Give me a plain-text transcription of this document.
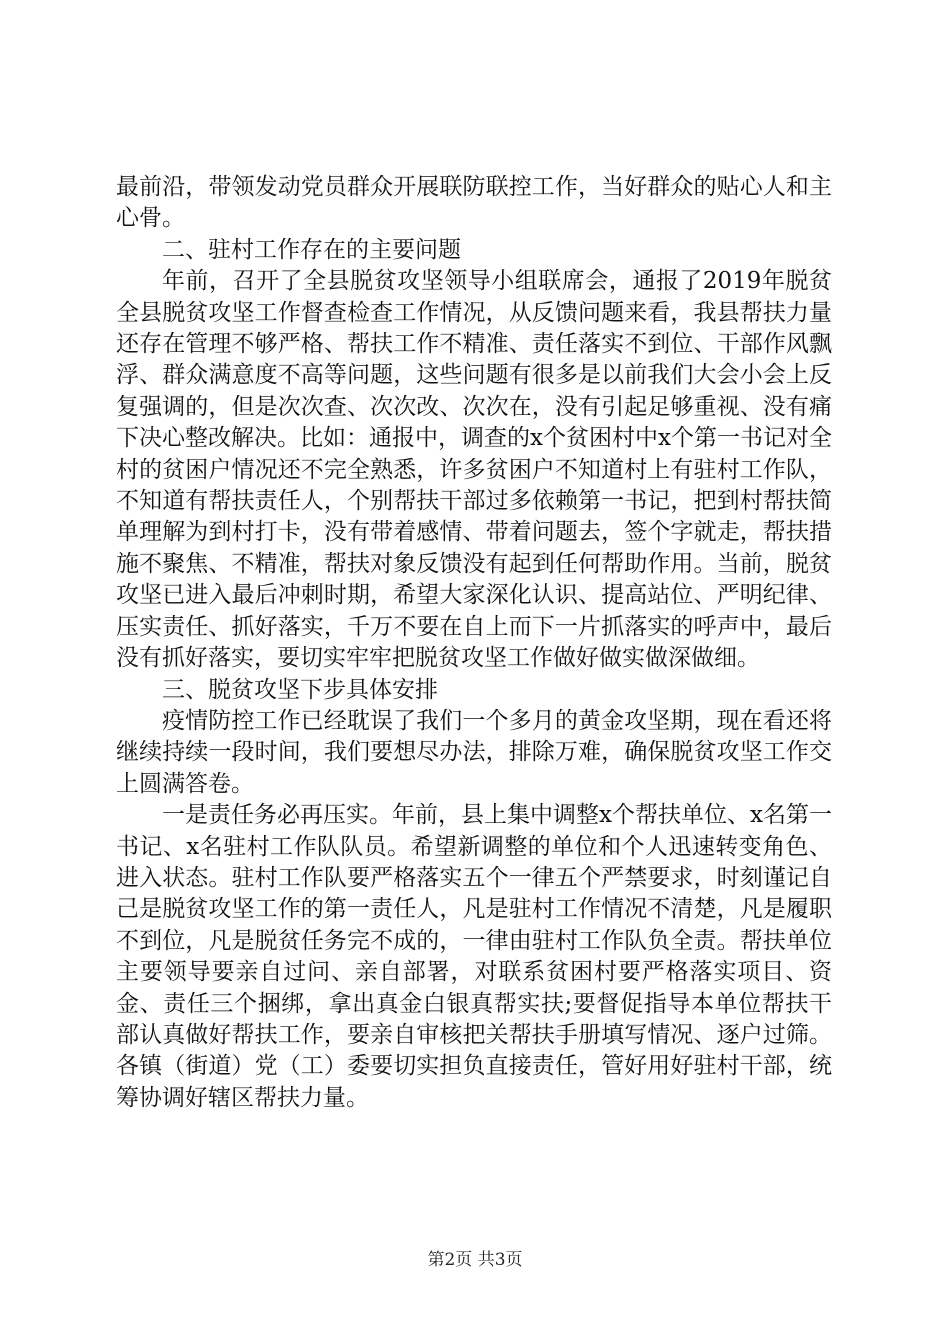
最前沿，带领发动党员群众开展联防联控工作，当好群众的贴心人和主心骨。

二、驻村工作存在的主要问题

年前，召开了全县脱贫攻坚领导小组联席会，通报了2019年脱贫全县脱贫攻坚工作督查检查工作情况，从反馈问题来看，我县帮扶力量还存在管理不够严格、帮扶工作不精准、责任落实不到位、干部作风飘浮、群众满意度不高等问题，这些问题有很多是以前我们大会小会上反复强调的，但是次次查、次次改、次次在，没有引起足够重视、没有痛下决心整改解决。比如：通报中，调查的x个贫困村中x个第一书记对全村的贫困户情况还不完全熟悉，许多贫困户不知道村上有驻村工作队，不知道有帮扶责任人，个别帮扶干部过多依赖第一书记，把到村帮扶简单理解为到村打卡，没有带着感情、带着问题去，签个字就走，帮扶措施不聚焦、不精准，帮扶对象反馈没有起到任何帮助作用。当前，脱贫攻坚已进入最后冲刺时期，希望大家深化认识、提高站位、严明纪律、压实责任、抓好落实，千万不要在自上而下一片抓落实的呼声中，最后没有抓好落实，要切实牢牢把脱贫攻坚工作做好做实做深做细。

三、脱贫攻坚下步具体安排

疫情防控工作已经耽误了我们一个多月的黄金攻坚期，现在看还将继续持续一段时间，我们要想尽办法，排除万难，确保脱贫攻坚工作交上圆满答卷。

一是责任务必再压实。年前，县上集中调整x个帮扶单位、x名第一书记、x名驻村工作队队员。希望新调整的单位和个人迅速转变角色、进入状态。驻村工作队要严格落实五个一律五个严禁要求，时刻谨记自己是脱贫攻坚工作的第一责任人，凡是驻村工作情况不清楚，凡是履职不到位，凡是脱贫任务完不成的，一律由驻村工作队负全责。帮扶单位主要领导要亲自过问、亲自部署，对联系贫困村要严格落实项目、资金、责任三个捆绑，拿出真金白银真帮实扶;要督促指导本单位帮扶干部认真做好帮扶工作，要亲自审核把关帮扶手册填写情况、逐户过筛。各镇（街道）党（工）委要切实担负直接责任，管好用好驻村干部，统筹协调好辖区帮扶力量。

第2页 共3页
